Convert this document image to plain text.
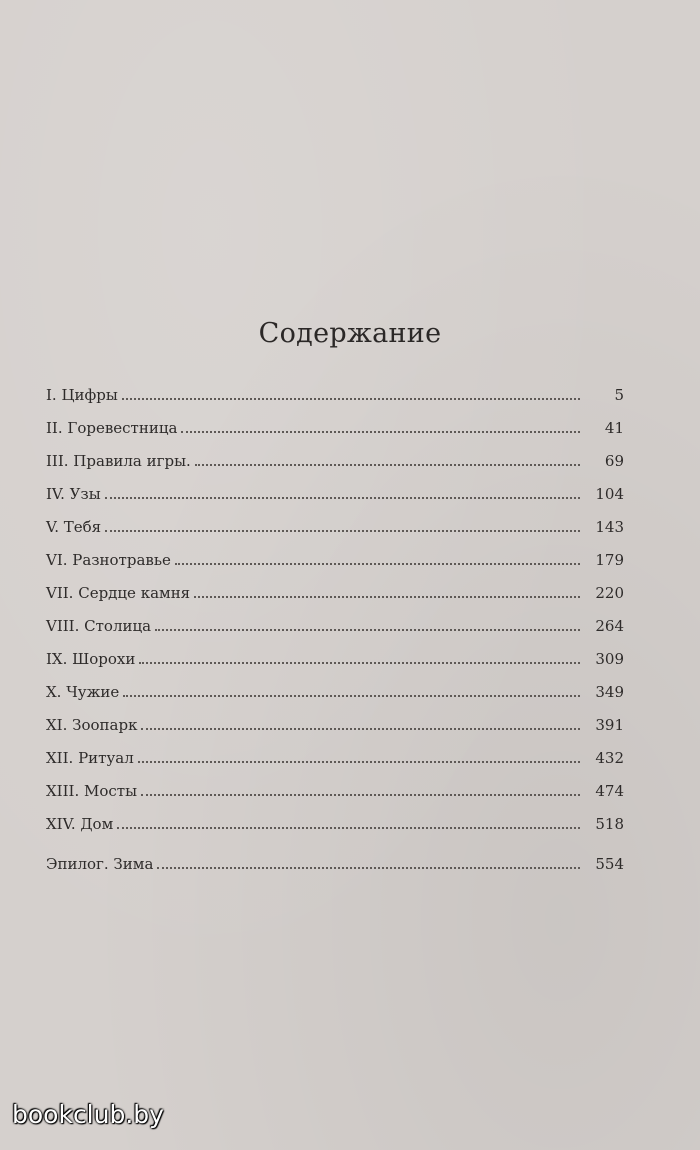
Содержание
I. Цифры	5
II. Горевестница	41
III. Правила игры.	69
IV. Узы	104
V. Тебя	143
VI. Разнотравье	179
VII. Сердце камня	220
VIII. Столица	264
IX. Шорохи	309
X. Чужие	349
XI. Зоопарк	391
XII. Ритуал	432
XIII. Мосты	474
XIV. Дом	518
Эпилог. Зима	554
bookclub.by
